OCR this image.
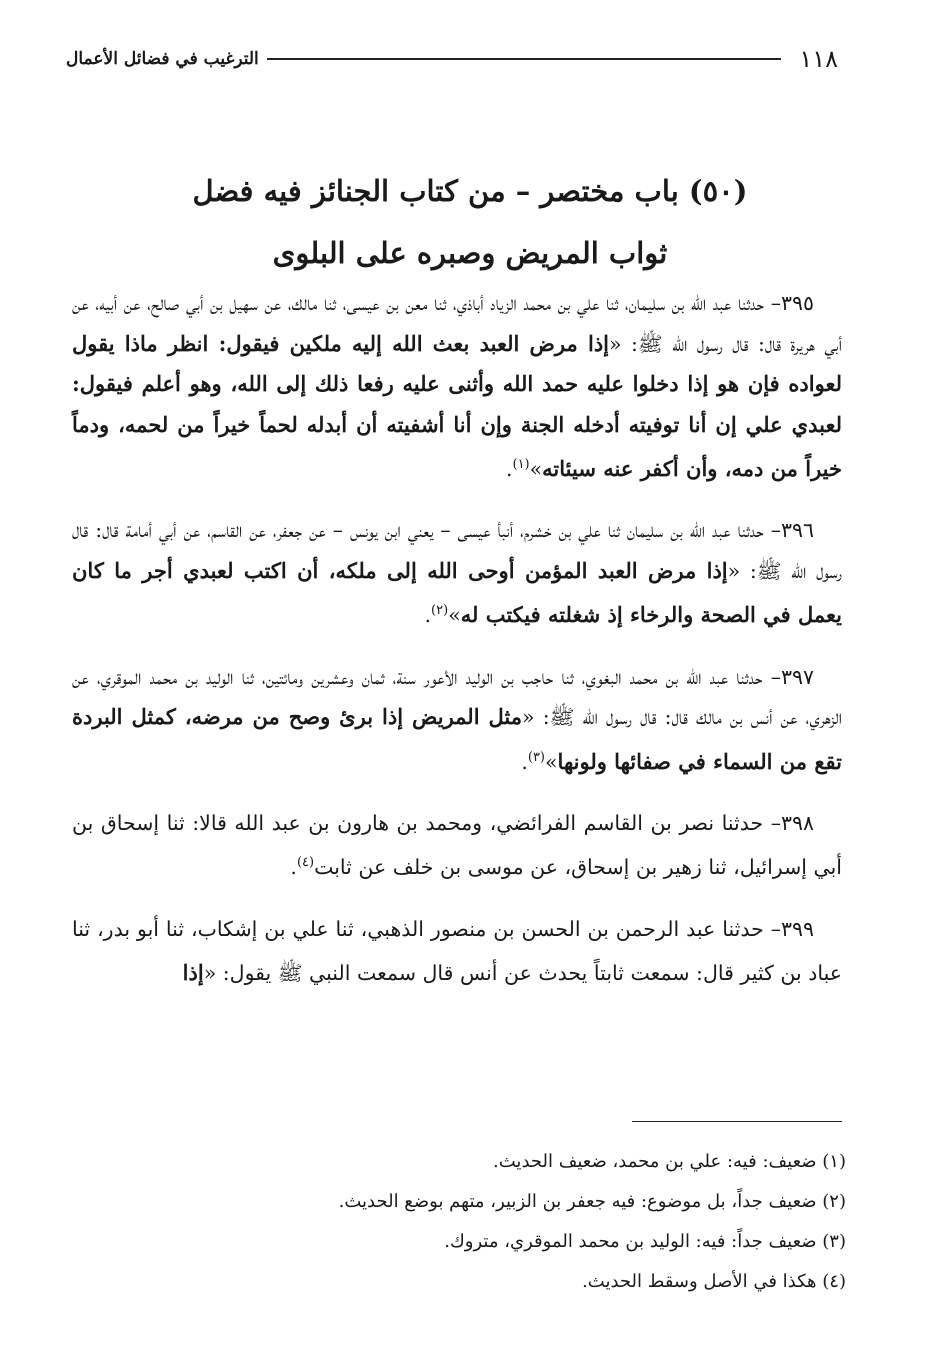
١١٨
الترغيب في فضائل الأعمال
(٥٠) باب مختصر – من كتاب الجنائز فيه فضل
ثواب المريض وصبره على البلوى

٣٩٥– حدثنا عبد الله بن سليمان، ثنا علي بن محمد الزياد أباذي، ثنا معن بن عيسى، ثنا مالك، عن سهيل بن أبي صالح، عن أبيه، عن أبي هريرة قال: قال رسول الله ﷺ: «إذا مرض العبد بعث الله إليه ملكين فيقول: انظر ماذا يقول لعواده فإن هو إذا دخلوا عليه حمد الله وأثنى عليه رفعا ذلك إلى الله، وهو أعلم فيقول: لعبدي علي إن أنا توفيته أدخله الجنة وإن أنا أشفيته أن أبدله لحماً خيراً من لحمه، ودماً خيراً من دمه، وأن أكفر عنه سيئاته»$^{(١)}$.

٣٩٦– حدثنا عبد الله بن سليمان ثنا علي بن خشرم، أنبأ عيسى – يعني ابن يونس – عن جعفر، عن القاسم، عن أبي أمامة قال: قال رسول الله ﷺ: «إذا مرض العبد المؤمن أوحى الله إلى ملكه، أن اكتب لعبدي أجر ما كان يعمل في الصحة والرخاء إذ شغلته فيكتب له»$^{(٢)}$.

٣٩٧– حدثنا عبد الله بن محمد البغوي، ثنا حاجب بن الوليد الأعور سنة، ثمان وعشرين ومائتين، ثنا الوليد بن محمد الموقري، عن الزهري، عن أنس بن مالك قال: قال رسول الله ﷺ: «مثل المريض إذا برئ وصح من مرضه، كمثل البردة تقع من السماء في صفائها ولونها»$^{(٣)}$.

٣٩٨– حدثنا نصر بن القاسم الفرائضي، ومحمد بن هارون بن عبد الله قالا: ثنا إسحاق بن أبي إسرائيل، ثنا زهير بن إسحاق، عن موسى بن خلف عن ثابت$^{(٤)}$.

٣٩٩– حدثنا عبد الرحمن بن الحسن بن منصور الذهبي، ثنا علي بن إشكاب، ثنا أبو بدر، ثنا عباد بن كثير قال: سمعت ثابتاً يحدث عن أنس قال سمعت النبي ﷺ يقول: «إذا

(١) ضعيف: فيه: علي بن محمد، ضعيف الحديث.
(٢) ضعيف جداً، بل موضوع: فيه جعفر بن الزبير، متهم بوضع الحديث.
(٣) ضعيف جداً: فيه: الوليد بن محمد الموقري، متروك.
(٤) هكذا في الأصل وسقط الحديث.
